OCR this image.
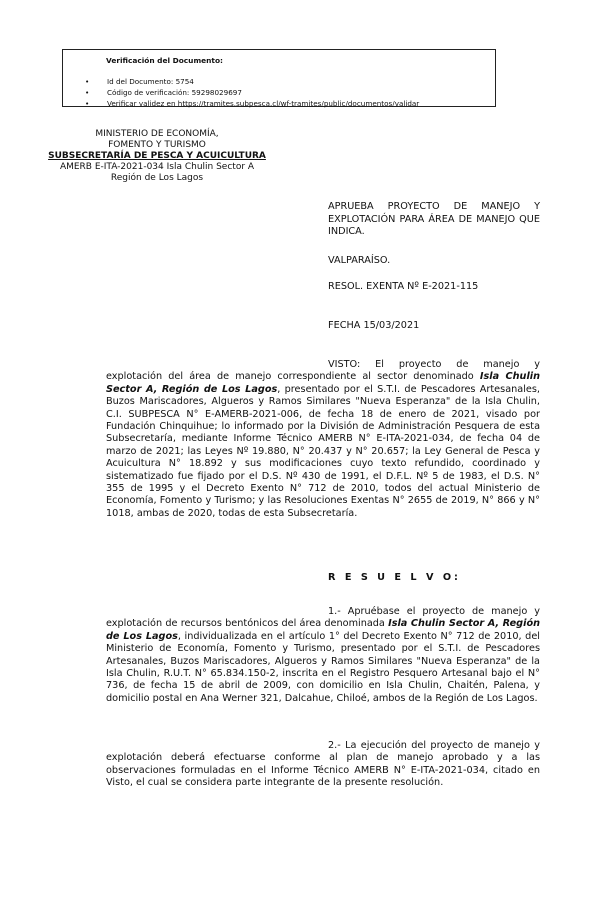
Verificación del Documento:
• Id del Documento: 5754
• Código de verificación: 59298029697
• Verificar validez en https://tramites.subpesca.cl/wf-tramites/public/documentos/validar
MINISTERIO DE ECONOMÍA,
FOMENTO Y TURISMO
SUBSECRETARÍA DE PESCA Y ACUICULTURA
AMERB E-ITA-2021-034 Isla Chulin Sector A
Región de Los Lagos
APRUEBA PROYECTO DE MANEJO Y EXPLOTACIÓN PARA ÁREA DE MANEJO QUE INDICA.
VALPARAÍSO.
RESOL. EXENTA Nº E-2021-115
FECHA 15/03/2021
VISTO: El proyecto de manejo y explotación del área de manejo correspondiente al sector denominado Isla Chulin Sector A, Región de Los Lagos, presentado por el S.T.I. de Pescadores Artesanales, Buzos Mariscadores, Algueros y Ramos Similares "Nueva Esperanza" de la Isla Chulin, C.I. SUBPESCA N° E-AMERB-2021-006, de fecha 18 de enero de 2021, visado por Fundación Chinquihue; lo informado por la División de Administración Pesquera de esta Subsecretaría, mediante Informe Técnico AMERB N° E-ITA-2021-034, de fecha 04 de marzo de 2021; las Leyes Nº 19.880, N° 20.437 y N° 20.657; la Ley General de Pesca y Acuicultura N° 18.892 y sus modificaciones cuyo texto refundido, coordinado y sistematizado fue fijado por el D.S. Nº 430 de 1991, el D.F.L. Nº 5 de 1983, el D.S. N° 355 de 1995 y el Decreto Exento N° 712 de 2010, todos del actual Ministerio de Economía, Fomento y Turismo; y las Resoluciones Exentas N° 2655 de 2019, N° 866 y N° 1018, ambas de 2020, todas de esta Subsecretaría.
R E S U E L V O:
1.- Apruébase el proyecto de manejo y explotación de recursos bentónicos del área denominada Isla Chulin Sector A, Región de Los Lagos, individualizada en el artículo 1° del Decreto Exento N° 712 de 2010, del Ministerio de Economía, Fomento y Turismo, presentado por el S.T.I. de Pescadores Artesanales, Buzos Mariscadores, Algueros y Ramos Similares "Nueva Esperanza" de la Isla Chulin, R.U.T. N° 65.834.150-2, inscrita en el Registro Pesquero Artesanal bajo el N° 736, de fecha 15 de abril de 2009, con domicilio en Isla Chulin, Chaitén, Palena, y domicilio postal en Ana Werner 321, Dalcahue, Chiloé, ambos de la Región de Los Lagos.
2.- La ejecución del proyecto de manejo y explotación deberá efectuarse conforme al plan de manejo aprobado y a las observaciones formuladas en el Informe Técnico AMERB N° E-ITA-2021-034, citado en Visto, el cual se considera parte integrante de la presente resolución.
